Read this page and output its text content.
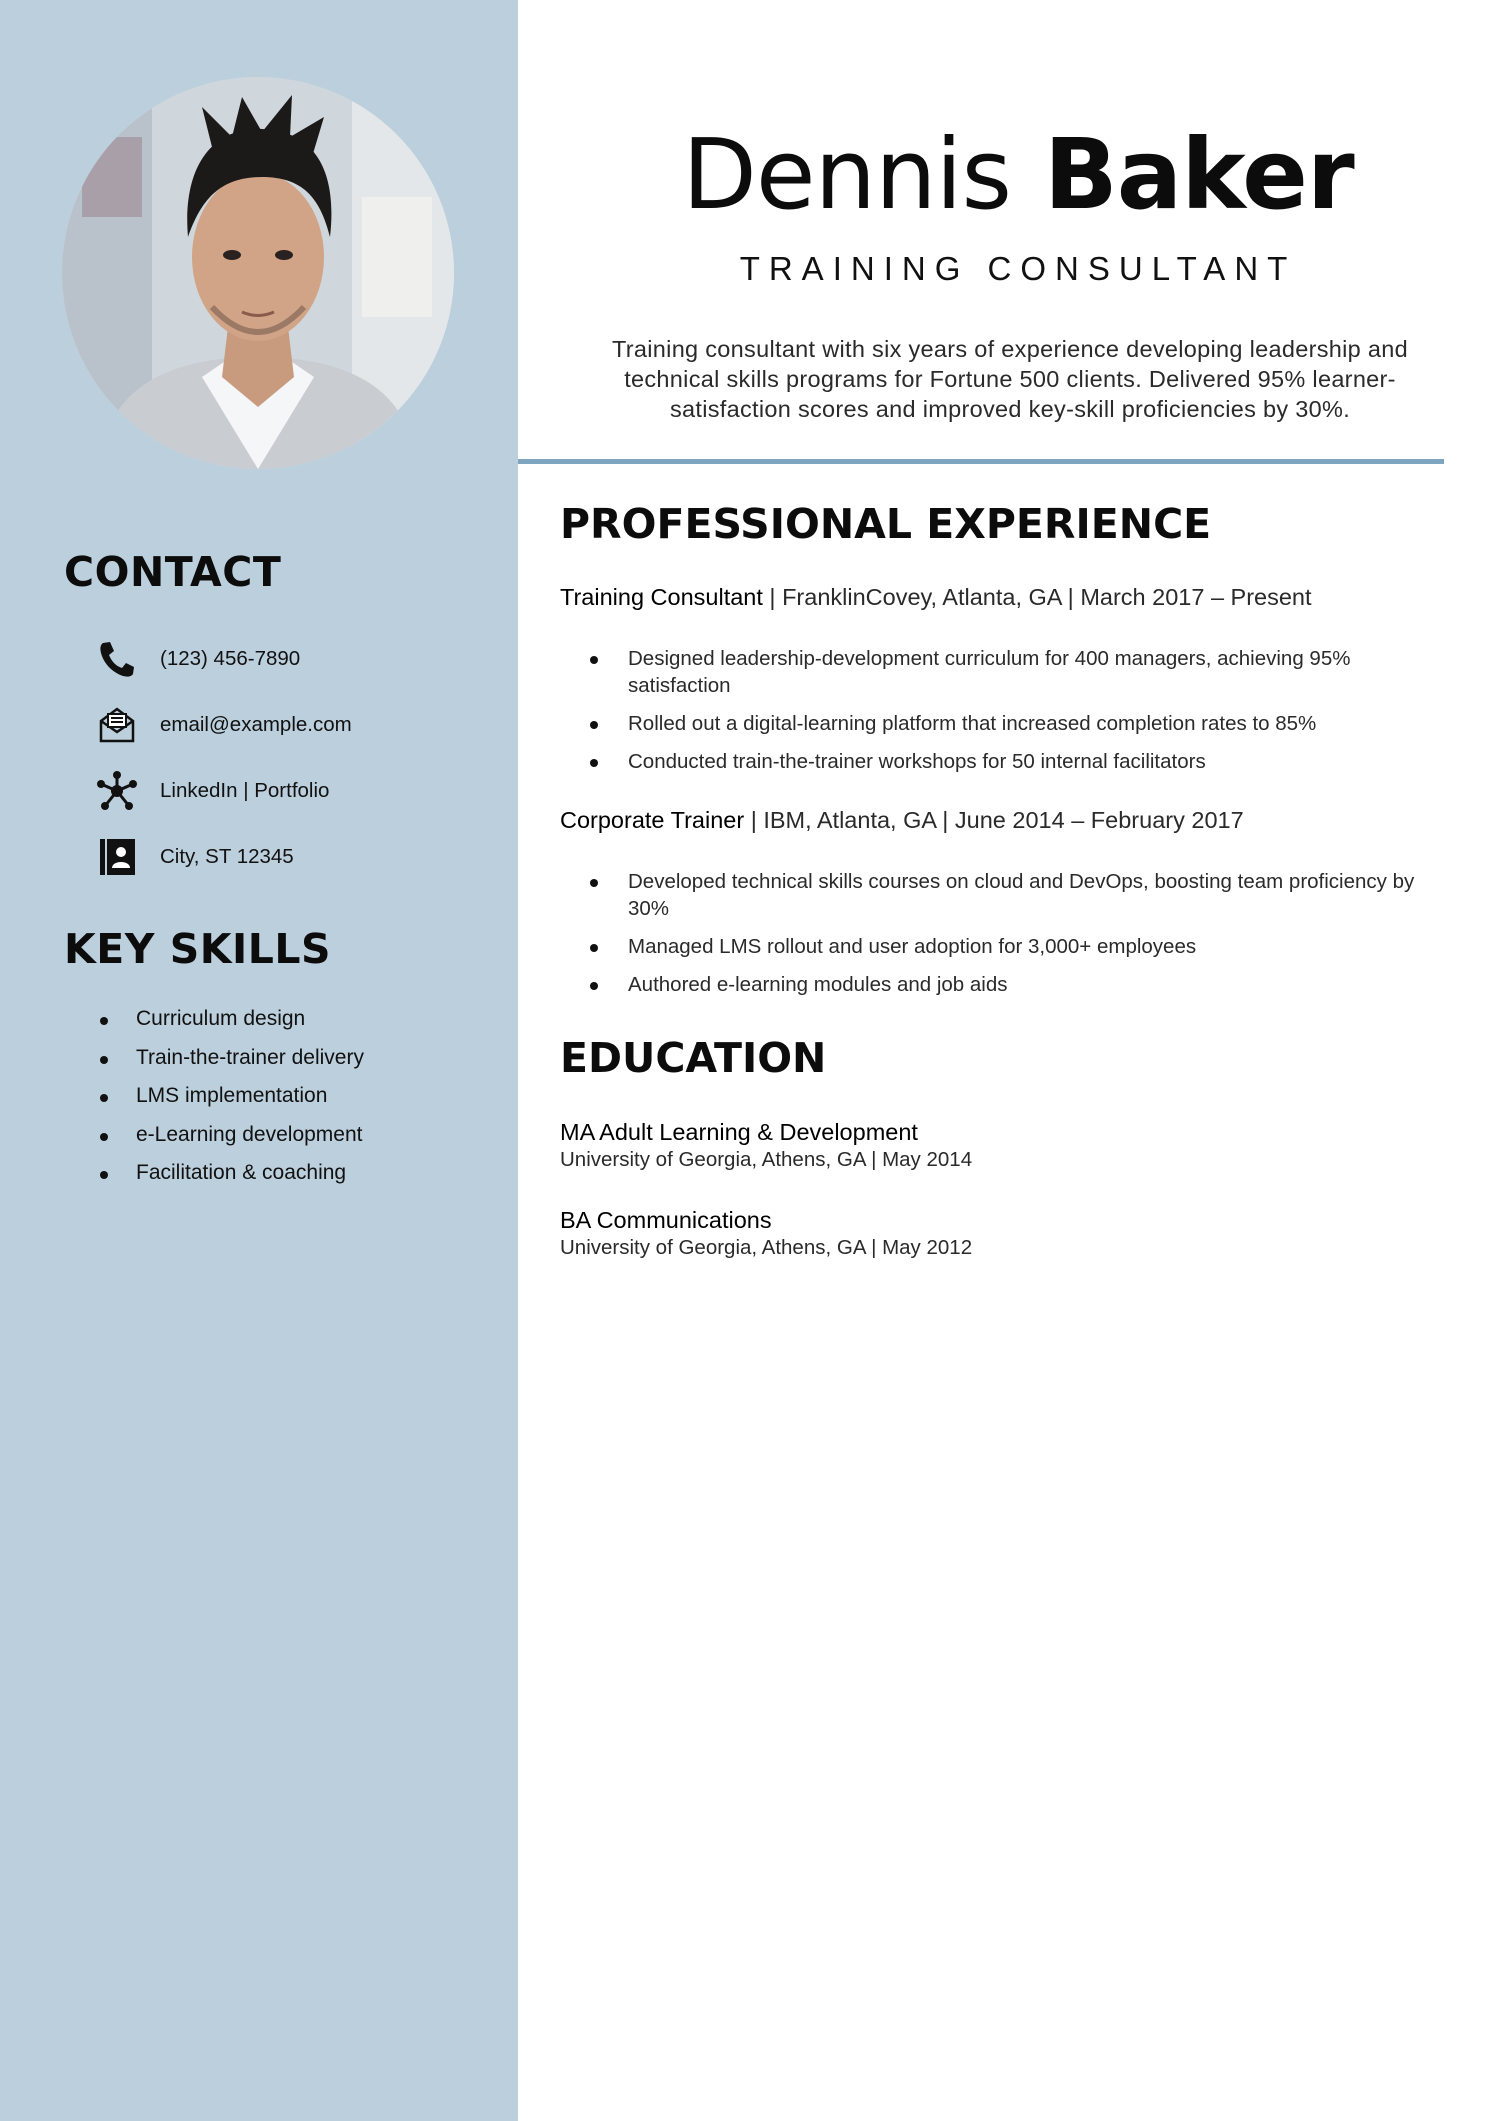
CONTACT
(123) 456-7890
email@example.com
LinkedIn | Portfolio
City, ST 12345
KEY SKILLS
Curriculum design
Train-the-trainer delivery
LMS implementation
e-Learning development
Facilitation & coaching
Dennis Baker
TRAINING CONSULTANT

Training consultant with six years of experience developing leadership and technical skills programs for Fortune 500 clients. Delivered 95% learner-satisfaction scores and improved key-skill proficiencies by 30%.

PROFESSIONAL EXPERIENCE

Training Consultant | FranklinCovey, Atlanta, GA | March 2017 – Present

Designed leadership-development curriculum for 400 managers, achieving 95% satisfaction
Rolled out a digital-learning platform that increased completion rates to 85%
Conducted train-the-trainer workshops for 50 internal facilitators

Corporate Trainer | IBM, Atlanta, GA | June 2014 – February 2017

Developed technical skills courses on cloud and DevOps, boosting team proficiency by 30%
Managed LMS rollout and user adoption for 3,000+ employees
Authored e-learning modules and job aids
EDUCATION

MA Adult Learning & Development

University of Georgia, Athens, GA | May 2014

BA Communications

University of Georgia, Athens, GA | May 2012
